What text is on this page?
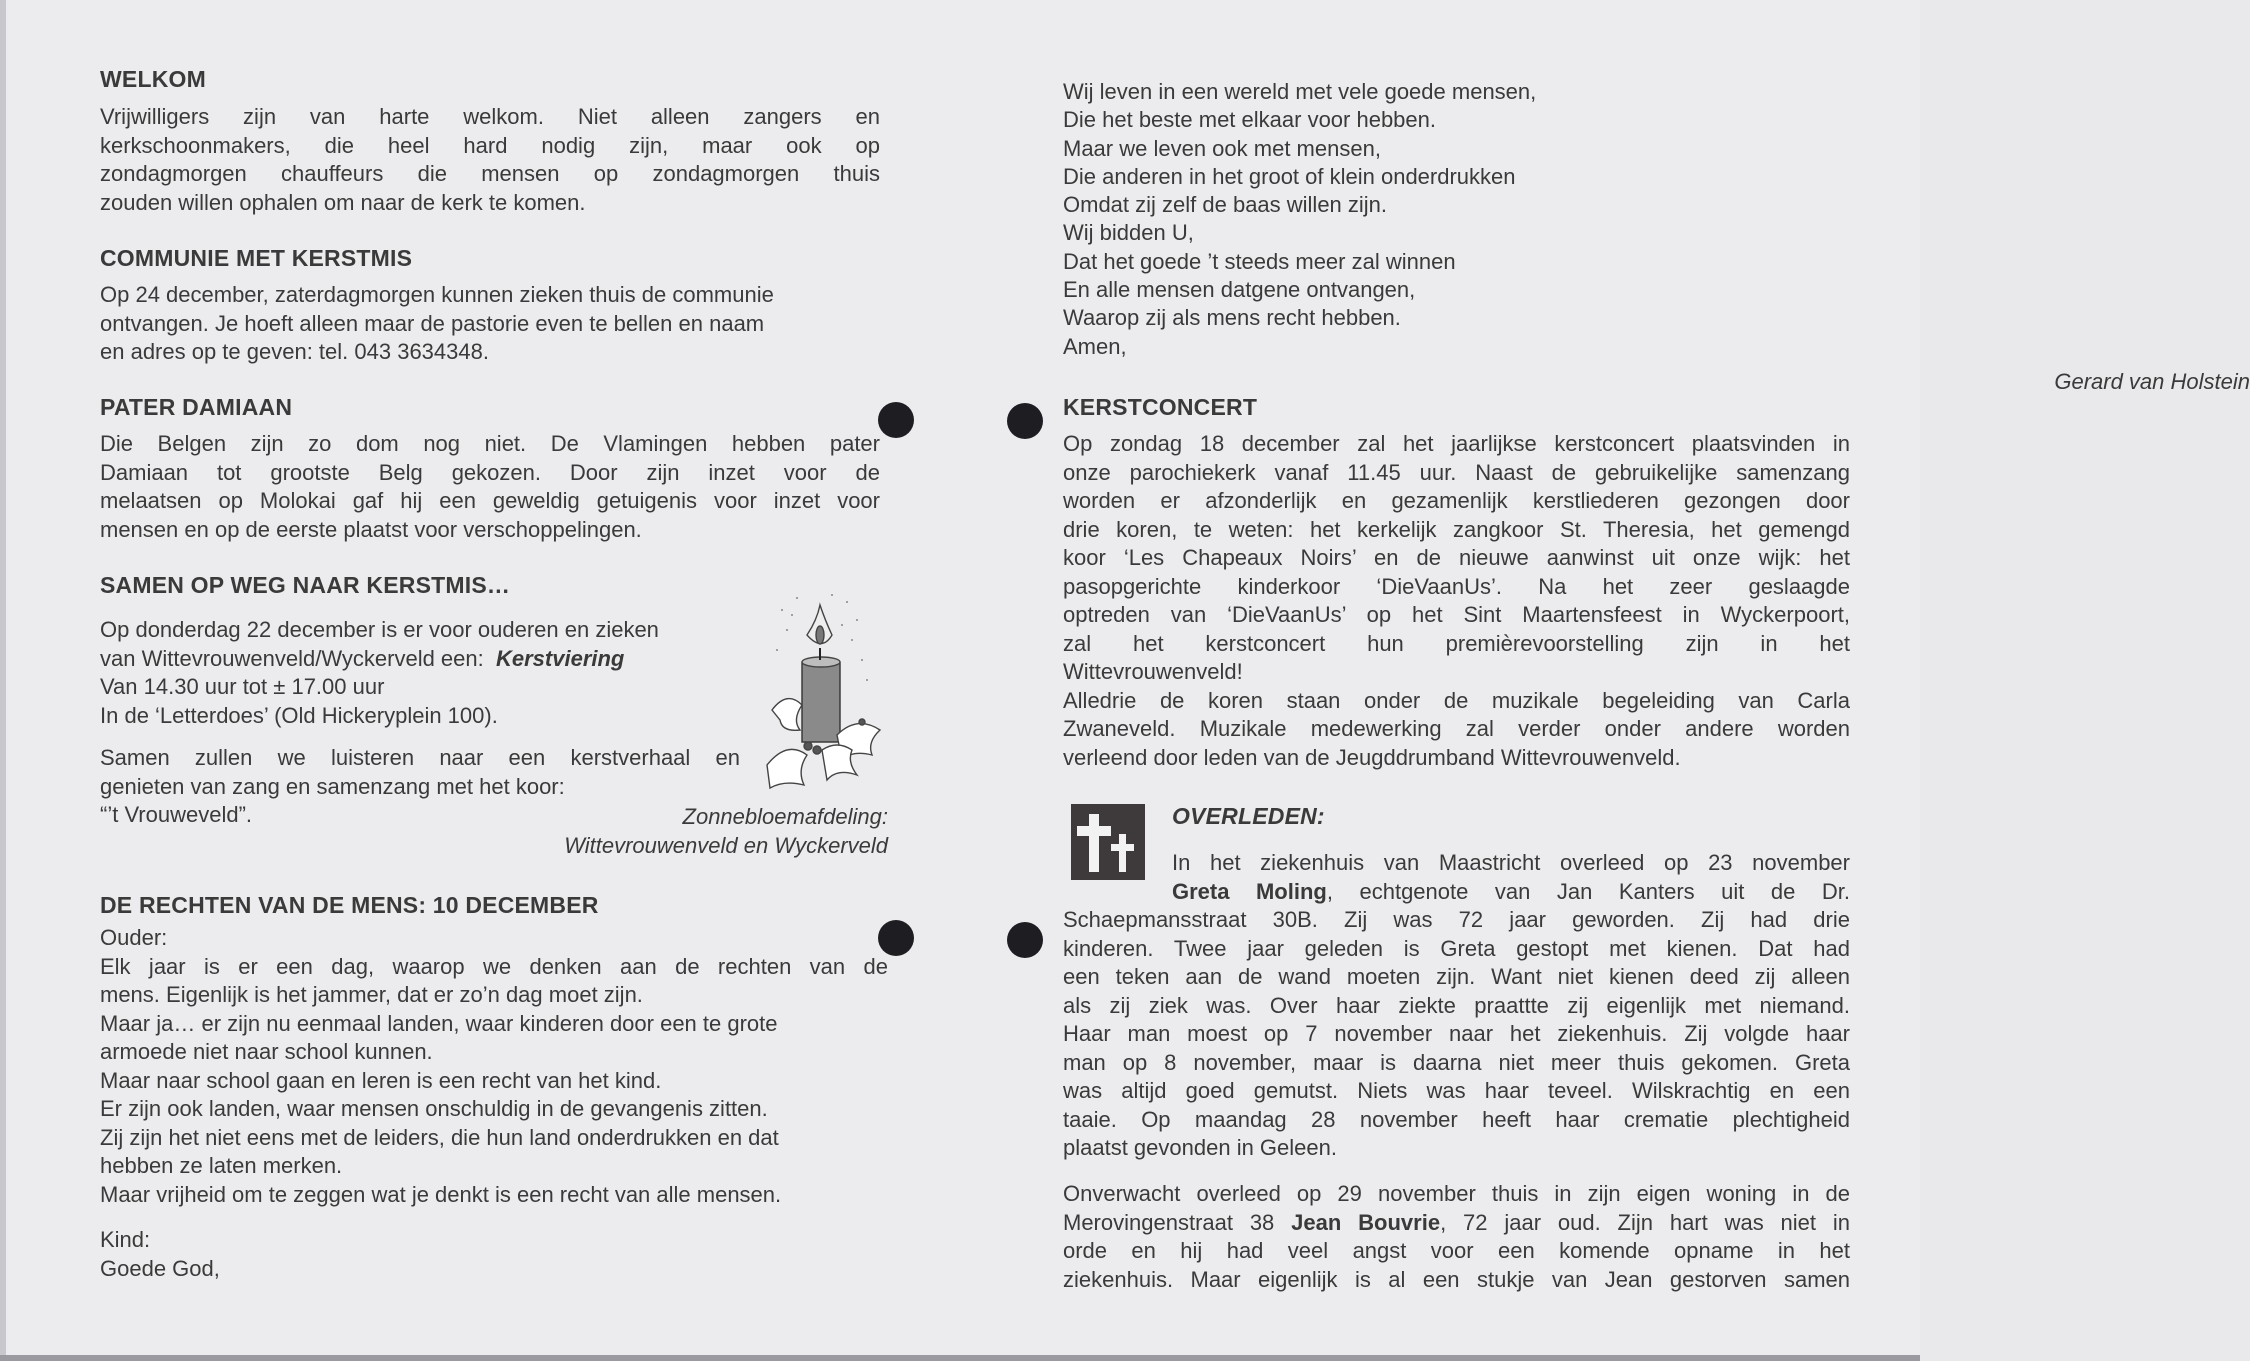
WELKOM
Vrijwilligers zijn van harte welkom. Niet alleen zangers en
kerkschoonmakers, die heel hard nodig zijn, maar ook op
zondagmorgen chauffeurs die mensen op zondagmorgen thuis
zouden willen ophalen om naar de kerk te komen.
COMMUNIE MET KERSTMIS
Op 24 december, zaterdagmorgen kunnen zieken thuis de communie
ontvangen. Je hoeft alleen maar de pastorie even te bellen en naam
en adres op te geven: tel. 043 3634348.
PATER DAMIAAN
Die Belgen zijn zo dom nog niet. De Vlamingen hebben pater
Damiaan tot grootste Belg gekozen. Door zijn inzet voor de
melaatsen op Molokai gaf hij een geweldig getuigenis voor inzet voor
mensen en op de eerste plaatst voor verschoppelingen.
SAMEN OP WEG NAAR KERSTMIS…
Op donderdag 22 december is er voor ouderen en zieken
van Wittevrouwenveld/Wyckerveld een: Kerstviering
Van 14.30 uur tot ± 17.00 uur
In de ‘Letterdoes’ (Old Hickeryplein 100).
Samen zullen we luisteren naar een kerstverhaal en
genieten van zang en samenzang met het koor:
“’t Vrouweveld”.	Zonnebloemafdeling:
Wittevrouwenveld en Wyckerveld
DE RECHTEN VAN DE MENS: 10 DECEMBER
Ouder:
Elk jaar is er een dag, waarop we denken aan de rechten van de
mens. Eigenlijk is het jammer, dat er zo’n dag moet zijn.
Maar ja… er zijn nu eenmaal landen, waar kinderen door een te grote
armoede niet naar school kunnen.
Maar naar school gaan en leren is een recht van het kind.
Er zijn ook landen, waar mensen onschuldig in de gevangenis zitten.
Zij zijn het niet eens met de leiders, die hun land onderdrukken en dat
hebben ze laten merken.
Maar vrijheid om te zeggen wat je denkt is een recht van alle mensen.
Kind:
Goede God,
Wij leven in een wereld met vele goede mensen,
Die het beste met elkaar voor hebben.
Maar we leven ook met mensen,
Die anderen in het groot of klein onderdrukken
Omdat zij zelf de baas willen zijn.
Wij bidden U,
Dat het goede ’t steeds meer zal winnen
En alle mensen datgene ontvangen,
Waarop zij als mens recht hebben.
Amen,
Gerard van Holstein
KERSTCONCERT
Op zondag 18 december zal het jaarlijkse kerstconcert plaatsvinden in
onze parochiekerk vanaf 11.45 uur. Naast de gebruikelijke samenzang
worden er afzonderlijk en gezamenlijk kerstliederen gezongen door
drie koren, te weten: het kerkelijk zangkoor St. Theresia, het gemengd
koor ‘Les Chapeaux Noirs’ en de nieuwe aanwinst uit onze wijk: het
pasopgerichte kinderkoor ‘DieVaanUs’. Na het zeer geslaagde
optreden van ‘DieVaanUs’ op het Sint Maartensfeest in Wyckerpoort,
zal het kerstconcert hun premièrevoorstelling zijn in het
Wittevrouwenveld!
Alledrie de koren staan onder de muzikale begeleiding van Carla
Zwaneveld. Muzikale medewerking zal verder onder andere worden
verleend door leden van de Jeugddrumband Wittevrouwenveld.
OVERLEDEN:
In het ziekenhuis van Maastricht overleed op 23 november
Greta Moling, echtgenote van Jan Kanters uit de Dr.
Schaepmansstraat 30B. Zij was 72 jaar geworden. Zij had drie
kinderen. Twee jaar geleden is Greta gestopt met kienen. Dat had
een teken aan de wand moeten zijn. Want niet kienen deed zij alleen
als zij ziek was. Over haar ziekte praattte zij eigenlijk met niemand.
Haar man moest op 7 november naar het ziekenhuis. Zij volgde haar
man op 8 november, maar is daarna niet meer thuis gekomen. Greta
was altijd goed gemutst. Niets was haar teveel. Wilskrachtig en een
taaie. Op maandag 28 november heeft haar crematie plechtigheid
plaatst gevonden in Geleen.
Onverwacht overleed op 29 november thuis in zijn eigen woning in de
Merovingenstraat 38 Jean Bouvrie, 72 jaar oud. Zijn hart was niet in
orde en hij had veel angst voor een komende opname in het
ziekenhuis. Maar eigenlijk is al een stukje van Jean gestorven samen
